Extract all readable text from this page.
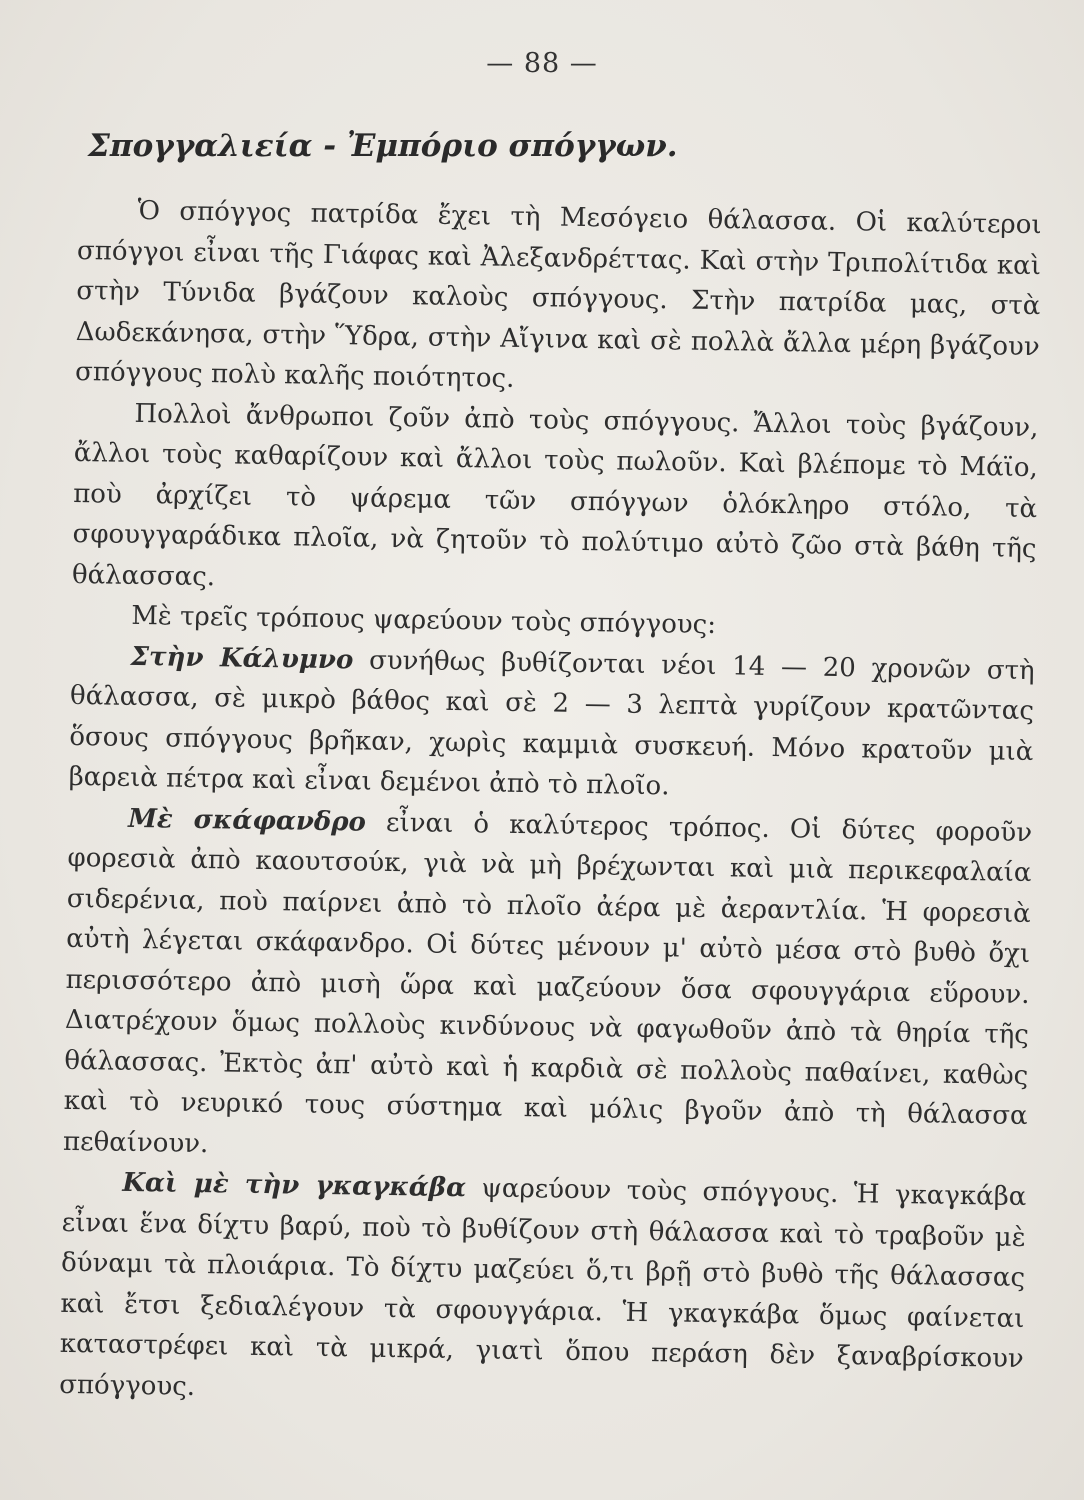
— 88 —
Σπογγαλιεία - Ἐμπόριο σπόγγων.

Ὁ σπόγγος πατρίδα ἔχει τὴ Μεσόγειο θάλασσα. Οἱ καλύτεροι σπόγγοι εἶναι τῆς Γιάφας καὶ Ἀλεξανδρέττας. Καὶ στὴν Τριπολίτιδα καὶ στὴν Τύνιδα βγάζουν καλοὺς σπόγγους. Στὴν πατρίδα μας, στὰ Δωδεκάνησα, στὴν Ὕδρα, στὴν Αἴγινα καὶ σὲ πολλὰ ἄλλα μέρη βγάζουν σπόγγους πολὺ καλῆς ποιότητος.

Πολλοὶ ἄνθρωποι ζοῦν ἀπὸ τοὺς σπόγγους. Ἄλλοι τοὺς βγάζουν, ἄλλοι τοὺς καθαρίζουν καὶ ἄλλοι τοὺς πωλοῦν. Καὶ βλέπομε τὸ Μάϊο, ποὺ ἀρχίζει τὸ ψάρεμα τῶν σπόγγων ὁλόκληρο στόλο, τὰ σφουγγαράδικα πλοῖα, νὰ ζητοῦν τὸ πολύτιμο αὐτὸ ζῶο στὰ βάθη τῆς θάλασσας.

Μὲ τρεῖς τρόπους ψαρεύουν τοὺς σπόγγους:

Στὴν Κάλυμνο συνήθως βυθίζονται νέοι 14 — 20 χρονῶν στὴ θάλασσα, σὲ μικρὸ βάθος καὶ σὲ 2 — 3 λεπτὰ γυρίζουν κρατῶντας ὅσους σπόγγους βρῆκαν, χωρὶς καμμιὰ συσκευή. Μόνο κρατοῦν μιὰ βαρειὰ πέτρα καὶ εἶναι δεμένοι ἀπὸ τὸ πλοῖο.

Μὲ σκάφανδρο εἶναι ὁ καλύτερος τρόπος. Οἱ δύτες φοροῦν φορεσιὰ ἀπὸ καουτσούκ, γιὰ νὰ μὴ βρέχωνται καὶ μιὰ περικεφαλαία σιδερένια, ποὺ παίρνει ἀπὸ τὸ πλοῖο ἀέρα μὲ ἀεραντλία. Ἡ φορεσιὰ αὐτὴ λέγεται σκάφανδρο. Οἱ δύτες μένουν μ' αὐτὸ μέσα στὸ βυθὸ ὄχι περισσότερο ἀπὸ μισὴ ὥρα καὶ μαζεύουν ὅσα σφουγγάρια εὕρουν. Διατρέχουν ὅμως πολλοὺς κινδύνους νὰ φαγωθοῦν ἀπὸ τὰ θηρία τῆς θάλασσας. Ἐκτὸς ἀπ' αὐτὸ καὶ ἡ καρδιὰ σὲ πολλοὺς παθαίνει, καθὼς καὶ τὸ νευρικό τους σύστημα καὶ μόλις βγοῦν ἀπὸ τὴ θάλασσα πεθαίνουν.

Καὶ μὲ τὴν γκαγκάβα ψαρεύουν τοὺς σπόγγους. Ἡ γκαγκάβα εἶναι ἕνα δίχτυ βαρύ, ποὺ τὸ βυθίζουν στὴ θάλασσα καὶ τὸ τραβοῦν μὲ δύναμι τὰ πλοιάρια. Τὸ δίχτυ μαζεύει ὅ,τι βρῇ στὸ βυθὸ τῆς θάλασσας καὶ ἔτσι ξεδιαλέγουν τὰ σφουγγάρια. Ἡ γκαγκάβα ὅμως φαίνεται καταστρέφει καὶ τὰ μικρά, γιατὶ ὅπου περάση δὲν ξαναβρίσκουν σπόγγους.
